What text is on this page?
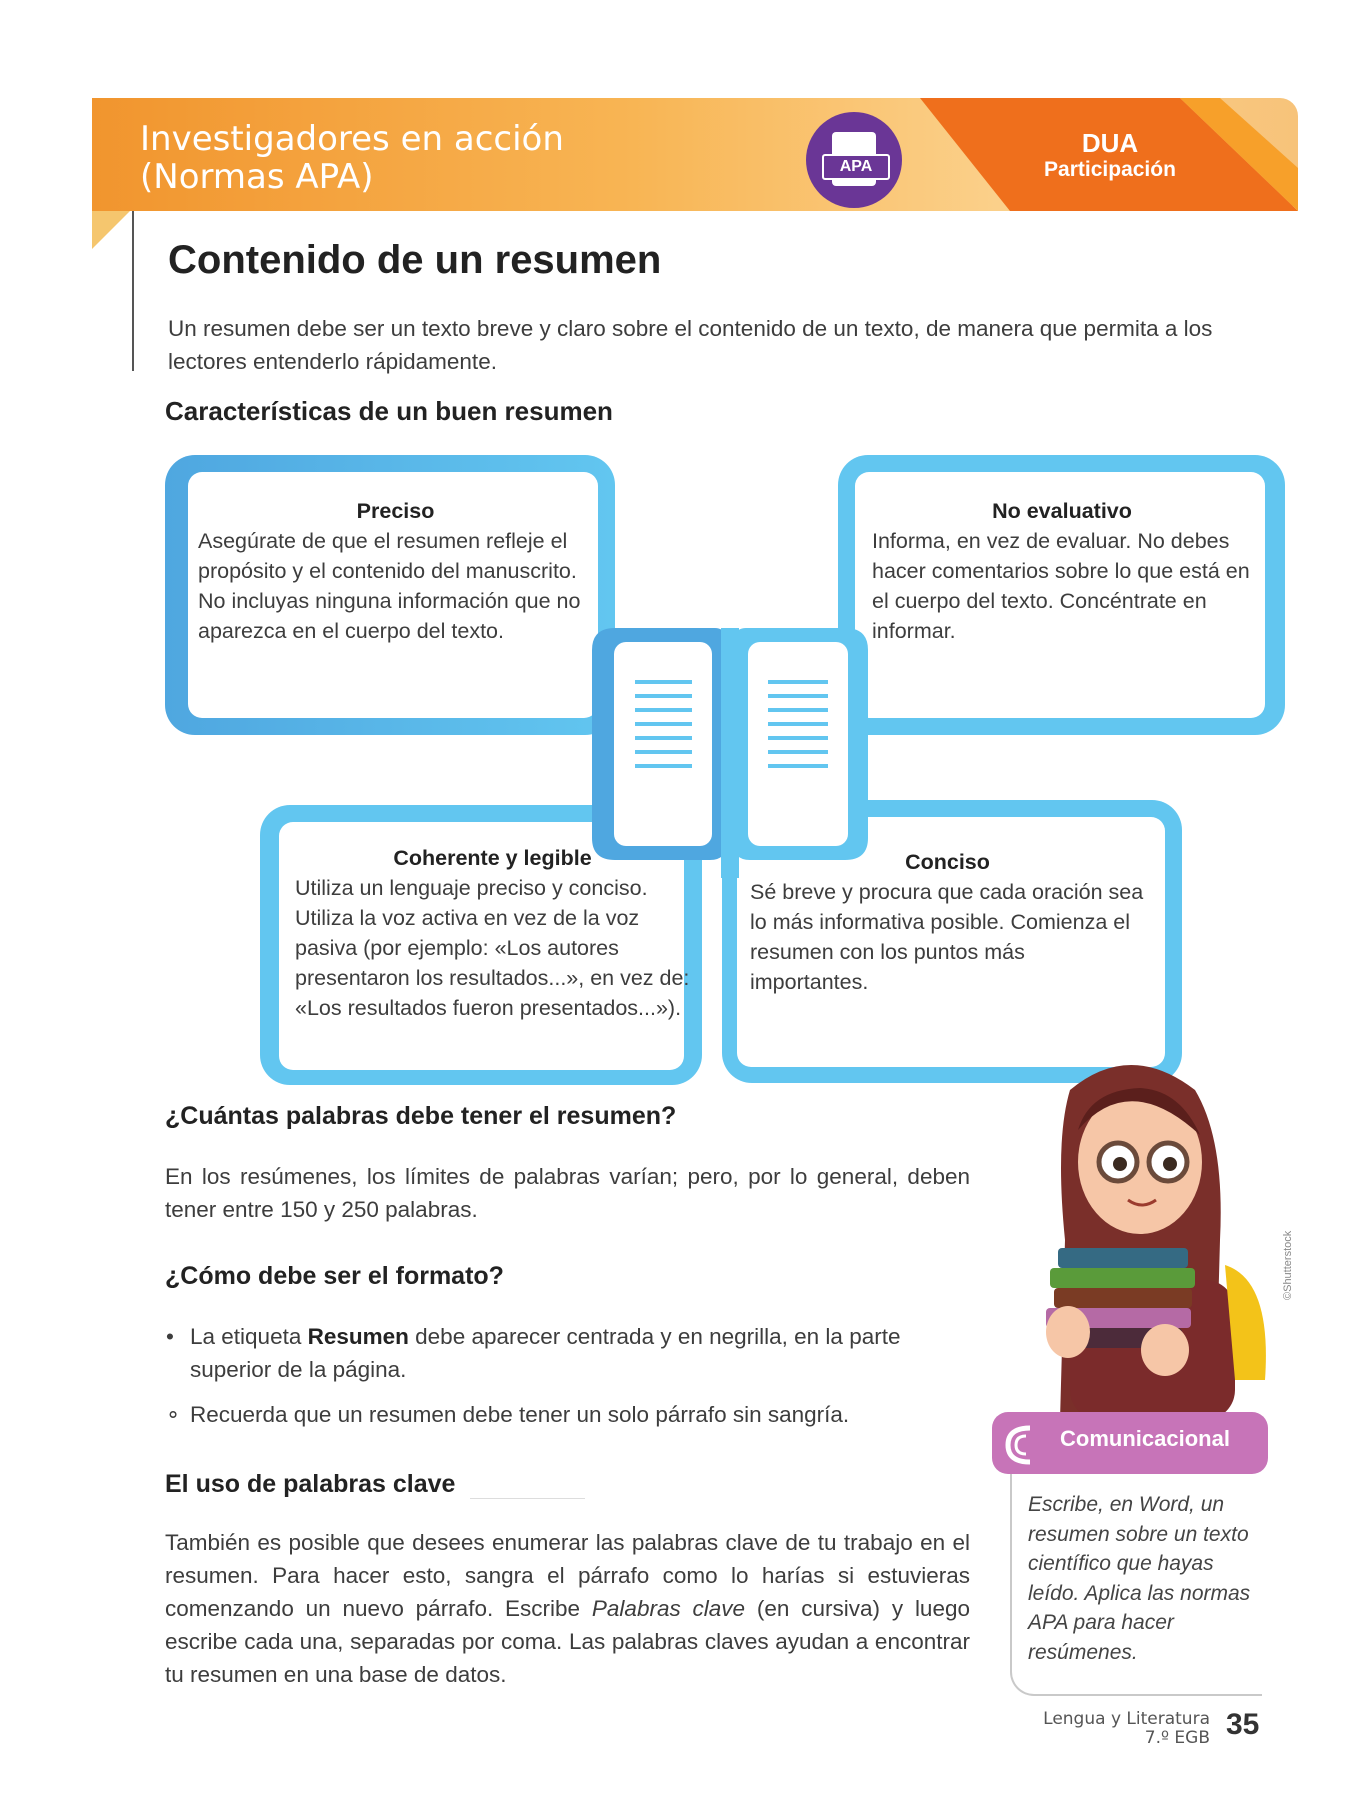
Investigadores en acción
(Normas APA)	APA
DUA
Participación
Contenido de un resumen
Un resumen debe ser un texto breve y claro sobre el contenido de un texto, de manera que permita a los lectores entenderlo rápidamente.
Características de un buen resumen
Preciso
Asegúrate de que el resumen refleje el propósito y el contenido del manuscrito. No incluyas ninguna información que no aparezca en el cuerpo del texto.
No evaluativo
Informa, en vez de evaluar. No debes hacer comentarios sobre lo que está en el cuerpo del texto. Concéntrate en informar.
Coherente y legible
Utiliza un lenguaje preciso y conciso. Utiliza la voz activa en vez de la voz pasiva (por ejemplo: «Los autores presentaron los resultados...», en vez de: «Los resultados fueron presentados...»).
Conciso
Sé breve y procura que cada oración sea lo más informativa posible. Comienza el resumen con los puntos más importantes.
¿Cuántas palabras debe tener el resumen?
En los resúmenes, los límites de palabras varían; pero, por lo general, deben tener entre 150 y 250 palabras.
¿Cómo debe ser el formato?
• La etiqueta Resumen debe aparecer centrada y en negrilla, en la parte superior de la página.
∘ Recuerda que un resumen debe tener un solo párrafo sin sangría.
El uso de palabras clave
También es posible que desees enumerar las palabras clave de tu trabajo en el resumen. Para hacer esto, sangra el párrafo como lo harías si estuvieras comenzando un nuevo párrafo. Escribe Palabras clave (en cursiva) y luego escribe cada una, separadas por coma. Las palabras claves ayudan a encontrar tu resumen en una base de datos.
©Shutterstock
Comunicacional
Escribe, en Word, un resumen sobre un texto científico que hayas leído. Aplica las normas APA para hacer resúmenes.
Lengua y Literatura
7.º EGB 35
